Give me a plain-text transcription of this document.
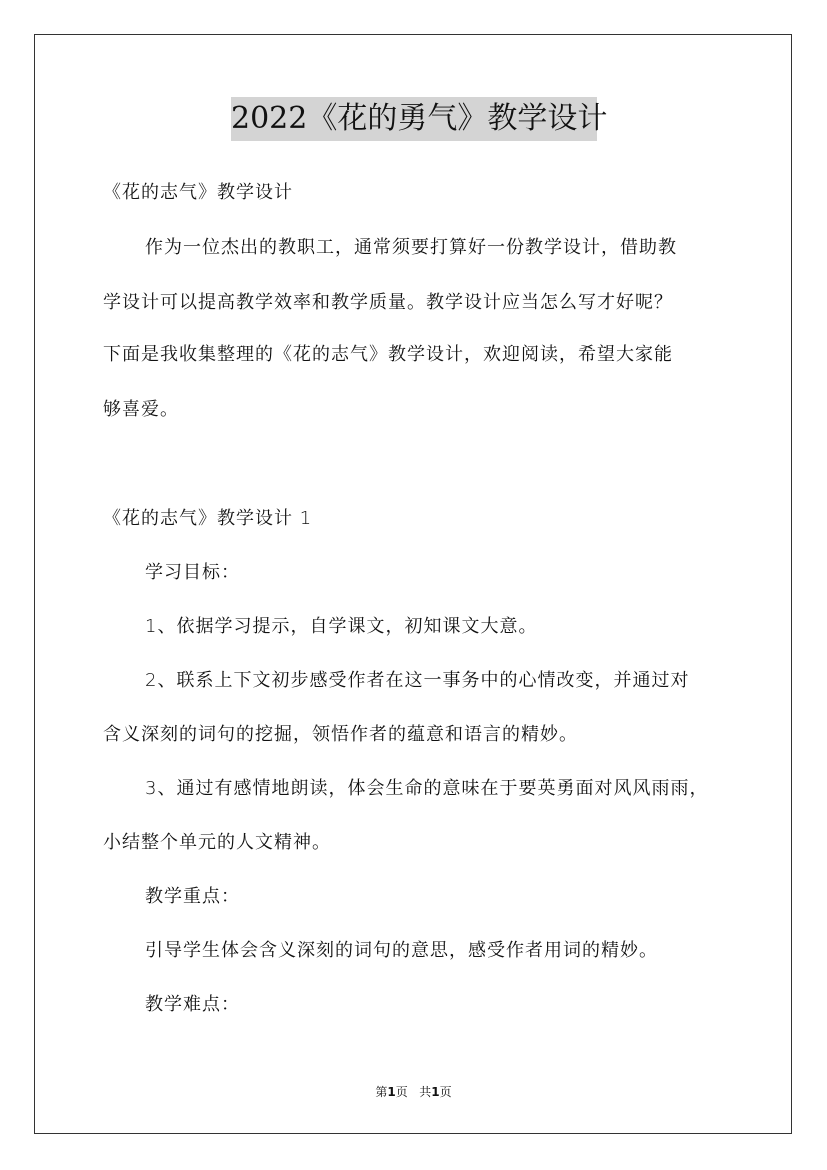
2022《花的勇气》教学设计
《花的志气》教学设计
作为一位杰出的教职工，通常须要打算好一份教学设计，借助教
学设计可以提高教学效率和教学质量。教学设计应当怎么写才好呢？
下面是我收集整理的《花的志气》教学设计，欢迎阅读，希望大家能
够喜爱。
《花的志气》教学设计 1
学习目标：
1、依据学习提示，自学课文，初知课文大意。
2、联系上下文初步感受作者在这一事务中的心情改变，并通过对
含义深刻的词句的挖掘，领悟作者的蕴意和语言的精妙。
3、通过有感情地朗读，体会生命的意味在于要英勇面对风风雨雨，
小结整个单元的人文精神。
教学重点：
引导学生体会含义深刻的词句的意思，感受作者用词的精妙。
教学难点：
第1页 共1页
